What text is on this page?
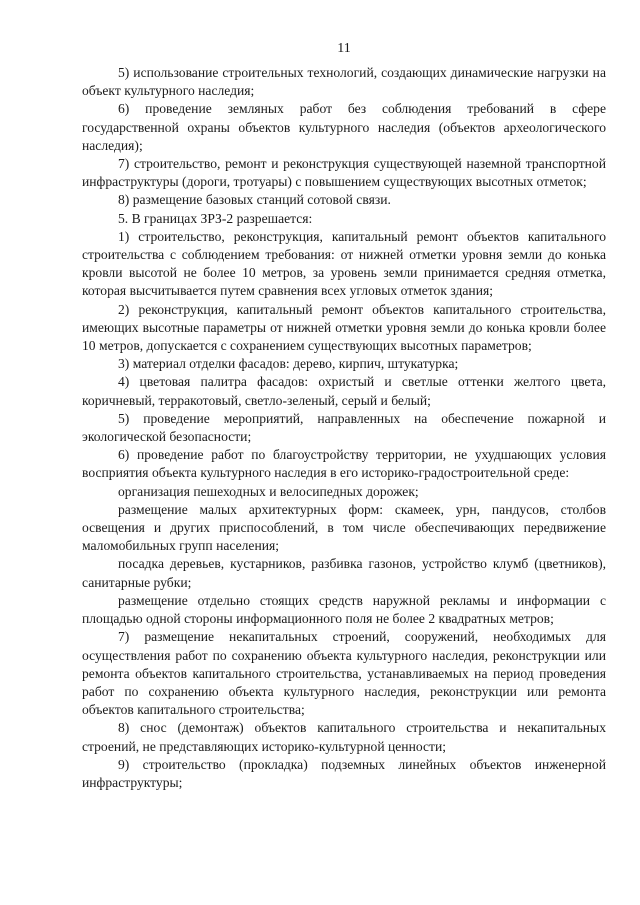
11

5) использование строительных технологий, создающих динамические нагрузки на объект культурного наследия;

6) проведение земляных работ без соблюдения требований в сфере государственной охраны объектов культурного наследия (объектов археологического наследия);

7) строительство, ремонт и реконструкция существующей наземной транспортной инфраструктуры (дороги, тротуары) с повышением существующих высотных отметок;

8) размещение базовых станций сотовой связи.

5. В границах ЗРЗ-2 разрешается:

1) строительство, реконструкция, капитальный ремонт объектов капитального строительства с соблюдением требования: от нижней отметки уровня земли до конька кровли высотой не более 10 метров, за уровень земли принимается средняя отметка, которая высчитывается путем сравнения всех угловых отметок здания;

2) реконструкция, капитальный ремонт объектов капитального строительства, имеющих высотные параметры от нижней отметки уровня земли до конька кровли более 10 метров, допускается с сохранением существующих высотных параметров;

3) материал отделки фасадов: дерево, кирпич, штукатурка;

4) цветовая палитра фасадов: охристый и светлые оттенки желтого цвета, коричневый, терракотовый, светло-зеленый, серый и белый;

5) проведение мероприятий, направленных на обеспечение пожарной и экологической безопасности;

6) проведение работ по благоустройству территории, не ухудшающих условия восприятия объекта культурного наследия в его историко-градостроительной среде:

организация пешеходных и велосипедных дорожек;

размещение малых архитектурных форм: скамеек, урн, пандусов, столбов освещения и других приспособлений, в том числе обеспечивающих передвижение маломобильных групп населения;

посадка деревьев, кустарников, разбивка газонов, устройство клумб (цветников), санитарные рубки;

размещение отдельно стоящих средств наружной рекламы и информации с площадью одной стороны информационного поля не более 2 квадратных метров;

7) размещение некапитальных строений, сооружений, необходимых для осуществления работ по сохранению объекта культурного наследия, реконструкции или ремонта объектов капитального строительства, устанавливаемых на период проведения работ по сохранению объекта культурного наследия, реконструкции или ремонта объектов капитального строительства;

8) снос (демонтаж) объектов капитального строительства и некапитальных строений, не представляющих историко-культурной ценности;

9) строительство (прокладка) подземных линейных объектов инженерной инфраструктуры;
